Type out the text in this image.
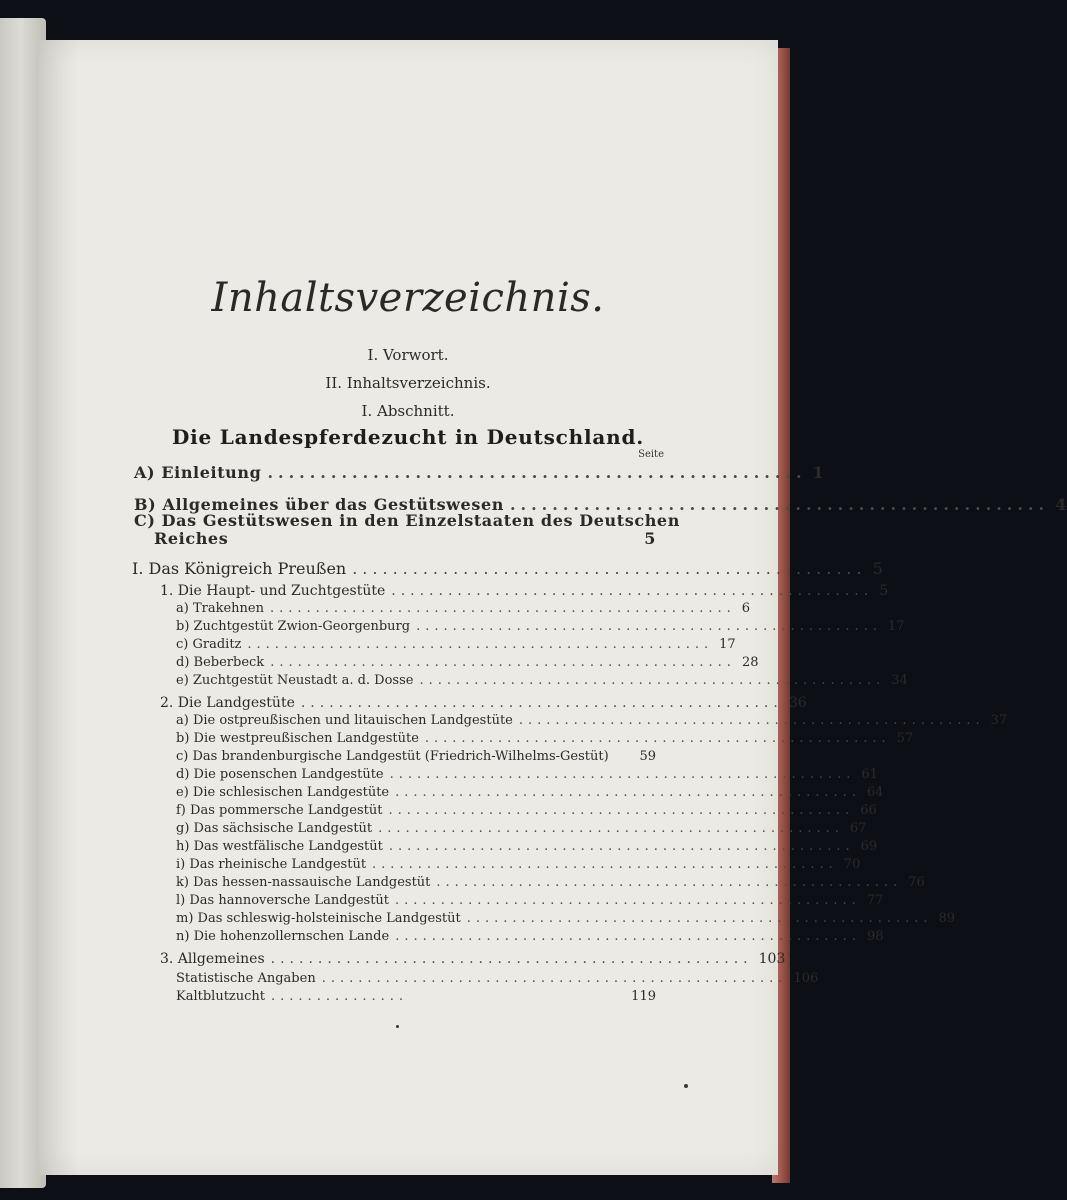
Inhaltsverzeichnis.
I. Vorwort.
II. Inhaltsverzeichnis.
I. Abschnitt.
Die Landespferdezucht in Deutschland.
Seite
A) Einleitung ................................................... 1
B) Allgemeines über das Gestütswesen ................................................... 4
C) Das Gestütswesen in den Einzelstaaten des Deutschen
Reiches	5
I. Das Königreich Preußen ................................................... 5
1. Die Haupt- und Zuchtgestüte ................................................... 5
a) Trakehnen ................................................... 6
b) Zuchtgestüt Zwion-Georgenburg ................................................... 17
c) Graditz ................................................... 17
d) Beberbeck ................................................... 28
e) Zuchtgestüt Neustadt a. d. Dosse ................................................... 34
2. Die Landgestüte ................................................... 36
a) Die ostpreußischen und litauischen Landgestüte ................................................... 37
b) Die westpreußischen Landgestüte ................................................... 57
c) Das brandenburgische Landgestüt (Friedrich-Wilhelms-Gestüt)	59
d) Die posenschen Landgestüte ................................................... 61
e) Die schlesischen Landgestüte ................................................... 64
f) Das pommersche Landgestüt ................................................... 66
g) Das sächsische Landgestüt ................................................... 67
h) Das westfälische Landgestüt ................................................... 69
i) Das rheinische Landgestüt ................................................... 70
k) Das hessen-nassauische Landgestüt ................................................... 76
l) Das hannoversche Landgestüt ................................................... 77
m) Das schleswig-holsteinische Landgestüt ................................................... 89
n) Die hohenzollernschen Lande ................................................... 98
3. Allgemeines ................................................... 103
Statistische Angaben ................................................... 106
Kaltblutzucht ...............	119
